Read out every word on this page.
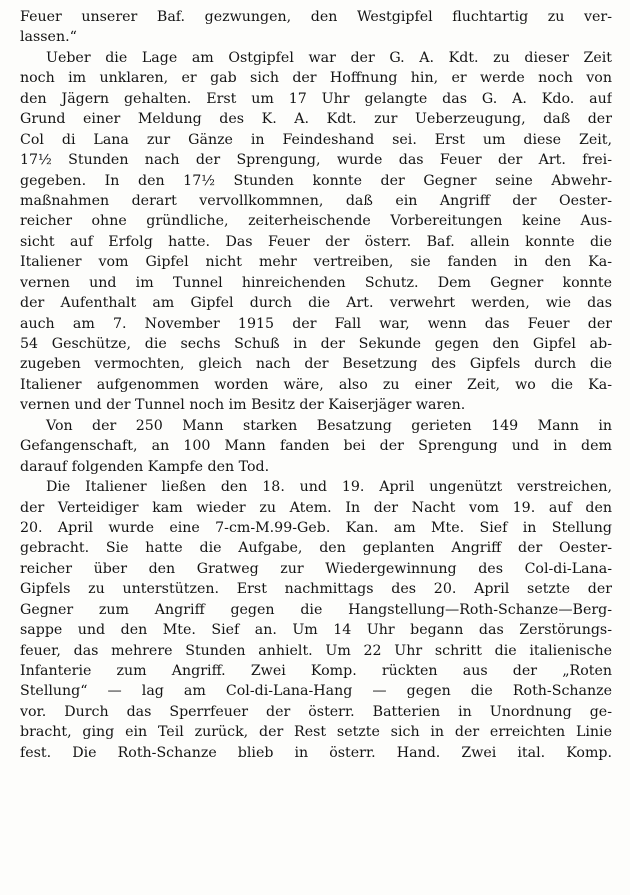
Feuer unserer Baf. gezwungen, den Westgipfel fluchtartig zu ver-
lassen.“
Ueber die Lage am Ostgipfel war der G. A. Kdt. zu dieser Zeit
noch im unklaren, er gab sich der Hoffnung hin, er werde noch von
den Jägern gehalten. Erst um 17 Uhr gelangte das G. A. Kdo. auf
Grund einer Meldung des K. A. Kdt. zur Ueberzeugung, daß der
Col di Lana zur Gänze in Feindeshand sei. Erst um diese Zeit,
17½ Stunden nach der Sprengung, wurde das Feuer der Art. frei-
gegeben. In den 17½ Stunden konnte der Gegner seine Abwehr-
maßnahmen derart vervollkommnen, daß ein Angriff der Oester-
reicher ohne gründliche, zeiterheischende Vorbereitungen keine Aus-
sicht auf Erfolg hatte. Das Feuer der österr. Baf. allein konnte die
Italiener vom Gipfel nicht mehr vertreiben, sie fanden in den Ka-
vernen und im Tunnel hinreichenden Schutz. Dem Gegner konnte
der Aufenthalt am Gipfel durch die Art. verwehrt werden, wie das
auch am 7. November 1915 der Fall war, wenn das Feuer der
54 Geschütze, die sechs Schuß in der Sekunde gegen den Gipfel ab-
zugeben vermochten, gleich nach der Besetzung des Gipfels durch die
Italiener aufgenommen worden wäre, also zu einer Zeit, wo die Ka-
vernen und der Tunnel noch im Besitz der Kaiserjäger waren.
Von der 250 Mann starken Besatzung gerieten 149 Mann in
Gefangenschaft, an 100 Mann fanden bei der Sprengung und in dem
darauf folgenden Kampfe den Tod.
Die Italiener ließen den 18. und 19. April ungenützt verstreichen,
der Verteidiger kam wieder zu Atem. In der Nacht vom 19. auf den
20. April wurde eine 7-cm-M.99-Geb. Kan. am Mte. Sief in Stellung
gebracht. Sie hatte die Aufgabe, den geplanten Angriff der Oester-
reicher über den Gratweg zur Wiedergewinnung des Col-di-Lana-
Gipfels zu unterstützen. Erst nachmittags des 20. April setzte der
Gegner zum Angriff gegen die Hangstellung—Roth-Schanze—Berg-
sappe und den Mte. Sief an. Um 14 Uhr begann das Zerstörungs-
feuer, das mehrere Stunden anhielt. Um 22 Uhr schritt die italienische
Infanterie zum Angriff. Zwei Komp. rückten aus der „Roten
Stellung“ — lag am Col-di-Lana-Hang — gegen die Roth-Schanze
vor. Durch das Sperrfeuer der österr. Batterien in Unordnung ge-
bracht, ging ein Teil zurück, der Rest setzte sich in der erreichten Linie
fest. Die Roth-Schanze blieb in österr. Hand. Zwei ital. Komp.
